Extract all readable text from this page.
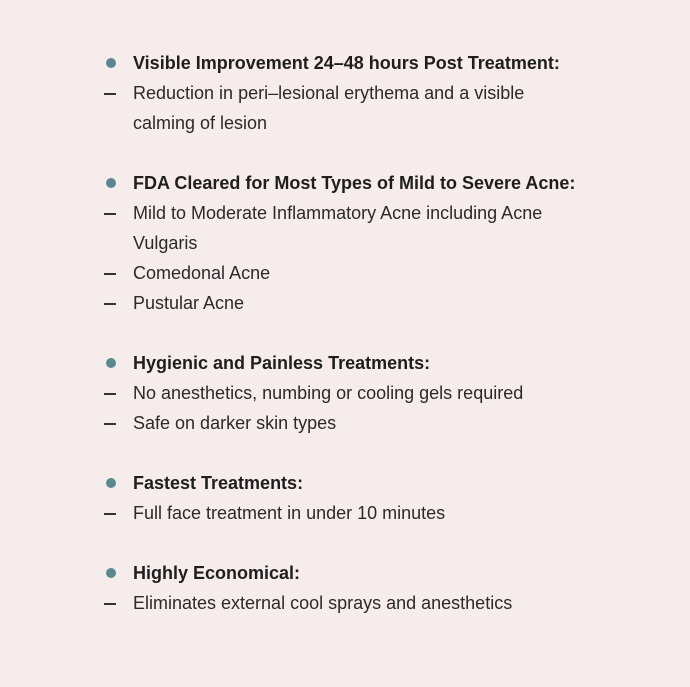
Visible Improvement 24–48 hours Post Treatment:
Reduction in peri–lesional erythema and a visible
calming of lesion
FDA Cleared for Most Types of Mild to Severe Acne:
Mild to Moderate Inflammatory Acne including Acne
Vulgaris
Comedonal Acne
Pustular Acne
Hygienic and Painless Treatments:
No anesthetics, numbing or cooling gels required
Safe on darker skin types
Fastest Treatments:
Full face treatment in under 10 minutes
Highly Economical:
Eliminates external cool sprays and anesthetics
